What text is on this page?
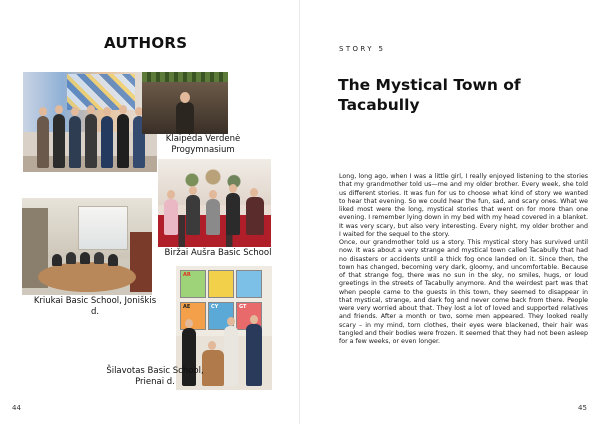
AUTHORS
Klaipėda Verdenė Progymnasium
Biržai Aušra Basic School
Kriukai Basic School, Joniškis d.
AR
AE	CY	GT
Šilavotas Basic School, Prienai d.
44	45
STORY 5
The Mystical Town of Tacabully

Long, long ago, when I was a little girl, I really enjoyed listening to the stories that my grandmother told us—me and my older brother. Every week, she told us different stories. It was fun for us to choose what kind of story we wanted to hear that evening. So we could hear the fun, sad, and scary ones. What we liked most were the long, mystical stories that went on for more than one evening. I remember lying down in my bed with my head covered in a blanket. It was very scary, but also very interesting. Every night, my older brother and I waited for the sequel to the story.

Once, our grandmother told us a story. This mystical story has survived until now. It was about a very strange and mystical town called Tacabully that had no disasters or accidents until a thick fog once landed on it. Since then, the town has changed, becoming very dark, gloomy, and uncomfortable. Because of that strange fog, there was no sun in the sky, no smiles, hugs, or loud greetings in the streets of Tacabully anymore. And the weirdest part was that when people came to the guests in this town, they seemed to disappear in that mystical, strange, and dark fog and never come back from there. People were very worried about that. They lost a lot of loved and supported relatives and friends. After a month or two, some men appeared. They looked really scary – in my mind, torn clothes, their eyes were blackened, their hair was tangled and their bodies were frozen. It seemed that they had not been asleep for a few weeks, or even longer.
